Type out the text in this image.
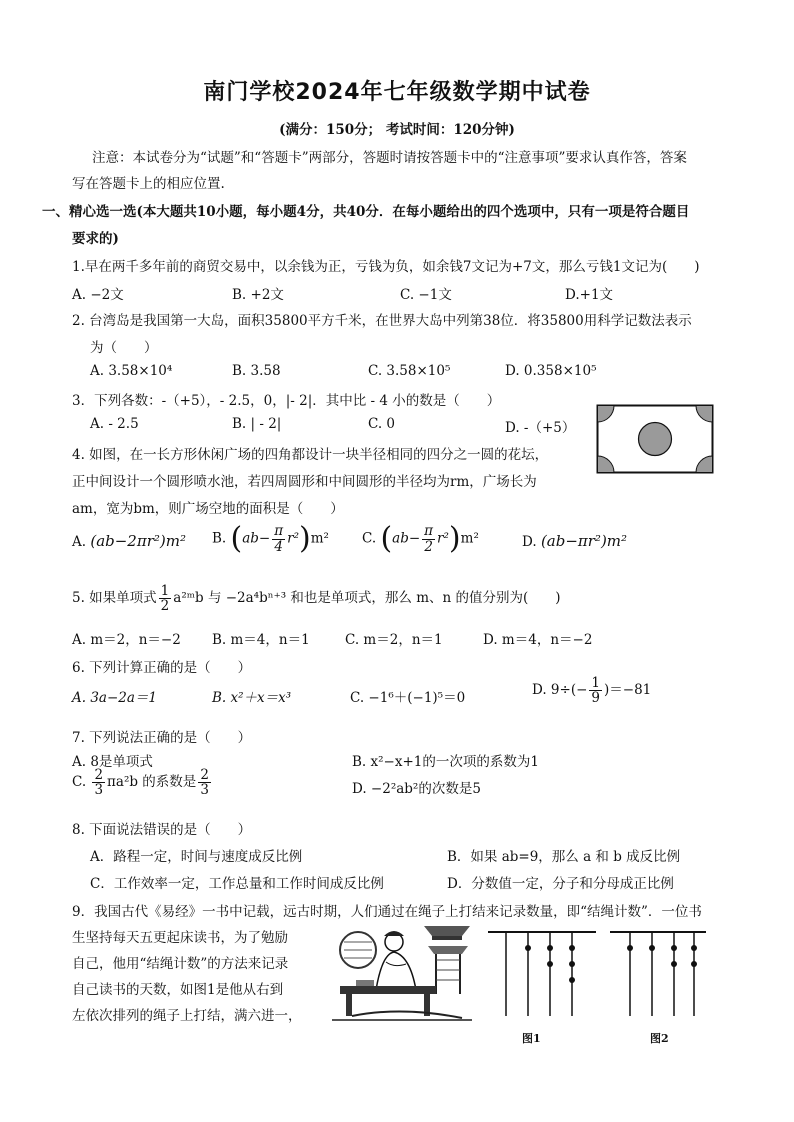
南门学校2024年七年级数学期中试卷
(满分：150分； 考试时间：120分钟)
注意：本试卷分为“试题”和“答题卡”两部分，答题时请按答题卡中的“注意事项”要求认真作答，答案
写在答题卡上的相应位置.
一、精心选一选(本大题共10小题，每小题4分，共40分．在每小题给出的四个选项中，只有一项是符合题目
要求的)
1.早在两千多年前的商贸交易中，以余钱为正，亏钱为负，如余钱7文记为+7文，那么亏钱1文记为(　　)
A. −2文	B. +2文	C. −1文	D.+1文
2. 台湾岛是我国第一大岛，面积35800平方千米，在世界大岛中列第38位．将35800用科学记数法表示
为（　　）
A. 3.58×10⁴	B. 3.58	C. 3.58×10⁵	D. 0.358×10⁵
3．下列各数：-（+5），- 2.5，0，|- 2|．其中比 - 4 小的数是（　　）
A. - 2.5	B. | - 2|	C. 0	D. -（+5）
4. 如图，在一长方形休闲广场的四角都设计一块半径相同的四分之一圆的花坛，
正中间设计一个圆形喷水池，若四周圆形和中间圆形的半径均为rm，广场长为
am，宽为bm，则广场空地的面积是（　　）
A. (ab−2πr²)m² B. $(ab- \frac{\pi}{4} r^2)m^2$ C. $(ab- \frac{\pi}{2} r^2)m^2$	D. (ab−πr²)m²
5. 如果单项式 $\frac{1}{2}$ a²ᵐb 与 −2a⁴bⁿ⁺³ 和也是单项式，那么 m、n 的值分别为(　　)
A. m＝2，n＝−2 B. m＝4，n＝1	C. m＝2，n＝1	D. m＝4，n＝−2
6. 下列计算正确的是（　　）
A. 3a−2a＝1	B. x²＋x＝x³	C. −1⁶＋(−1)⁵＝0	D. $9\div(- \frac{1}{9} )=-81$
7. 下列说法正确的是（　　）
A. 8是单项式	B. x²−x+1的一次项的系数为1
C. $\frac{2}{3} \pi a^2b$ 的系数是 $\frac{2}{3}$	D. −2²ab²的次数是5
8. 下面说法错误的是（　　）
A．路程一定，时间与速度成反比例	B．如果 ab=9，那么 a 和 b 成反比例
C．工作效率一定，工作总量和工作时间成反比例	D．分数值一定，分子和分母成正比例
9．我国古代《易经》一书中记载，远古时期，人们通过在绳子上打结来记录数量，即“结绳计数”．一位书
生坚持每天五更起床读书，为了勉励
自己，他用“结绳计数”的方法来记录
自己读书的天数，如图1是他从右到
左依次排列的绳子上打结，满六进一，
图1	图2
